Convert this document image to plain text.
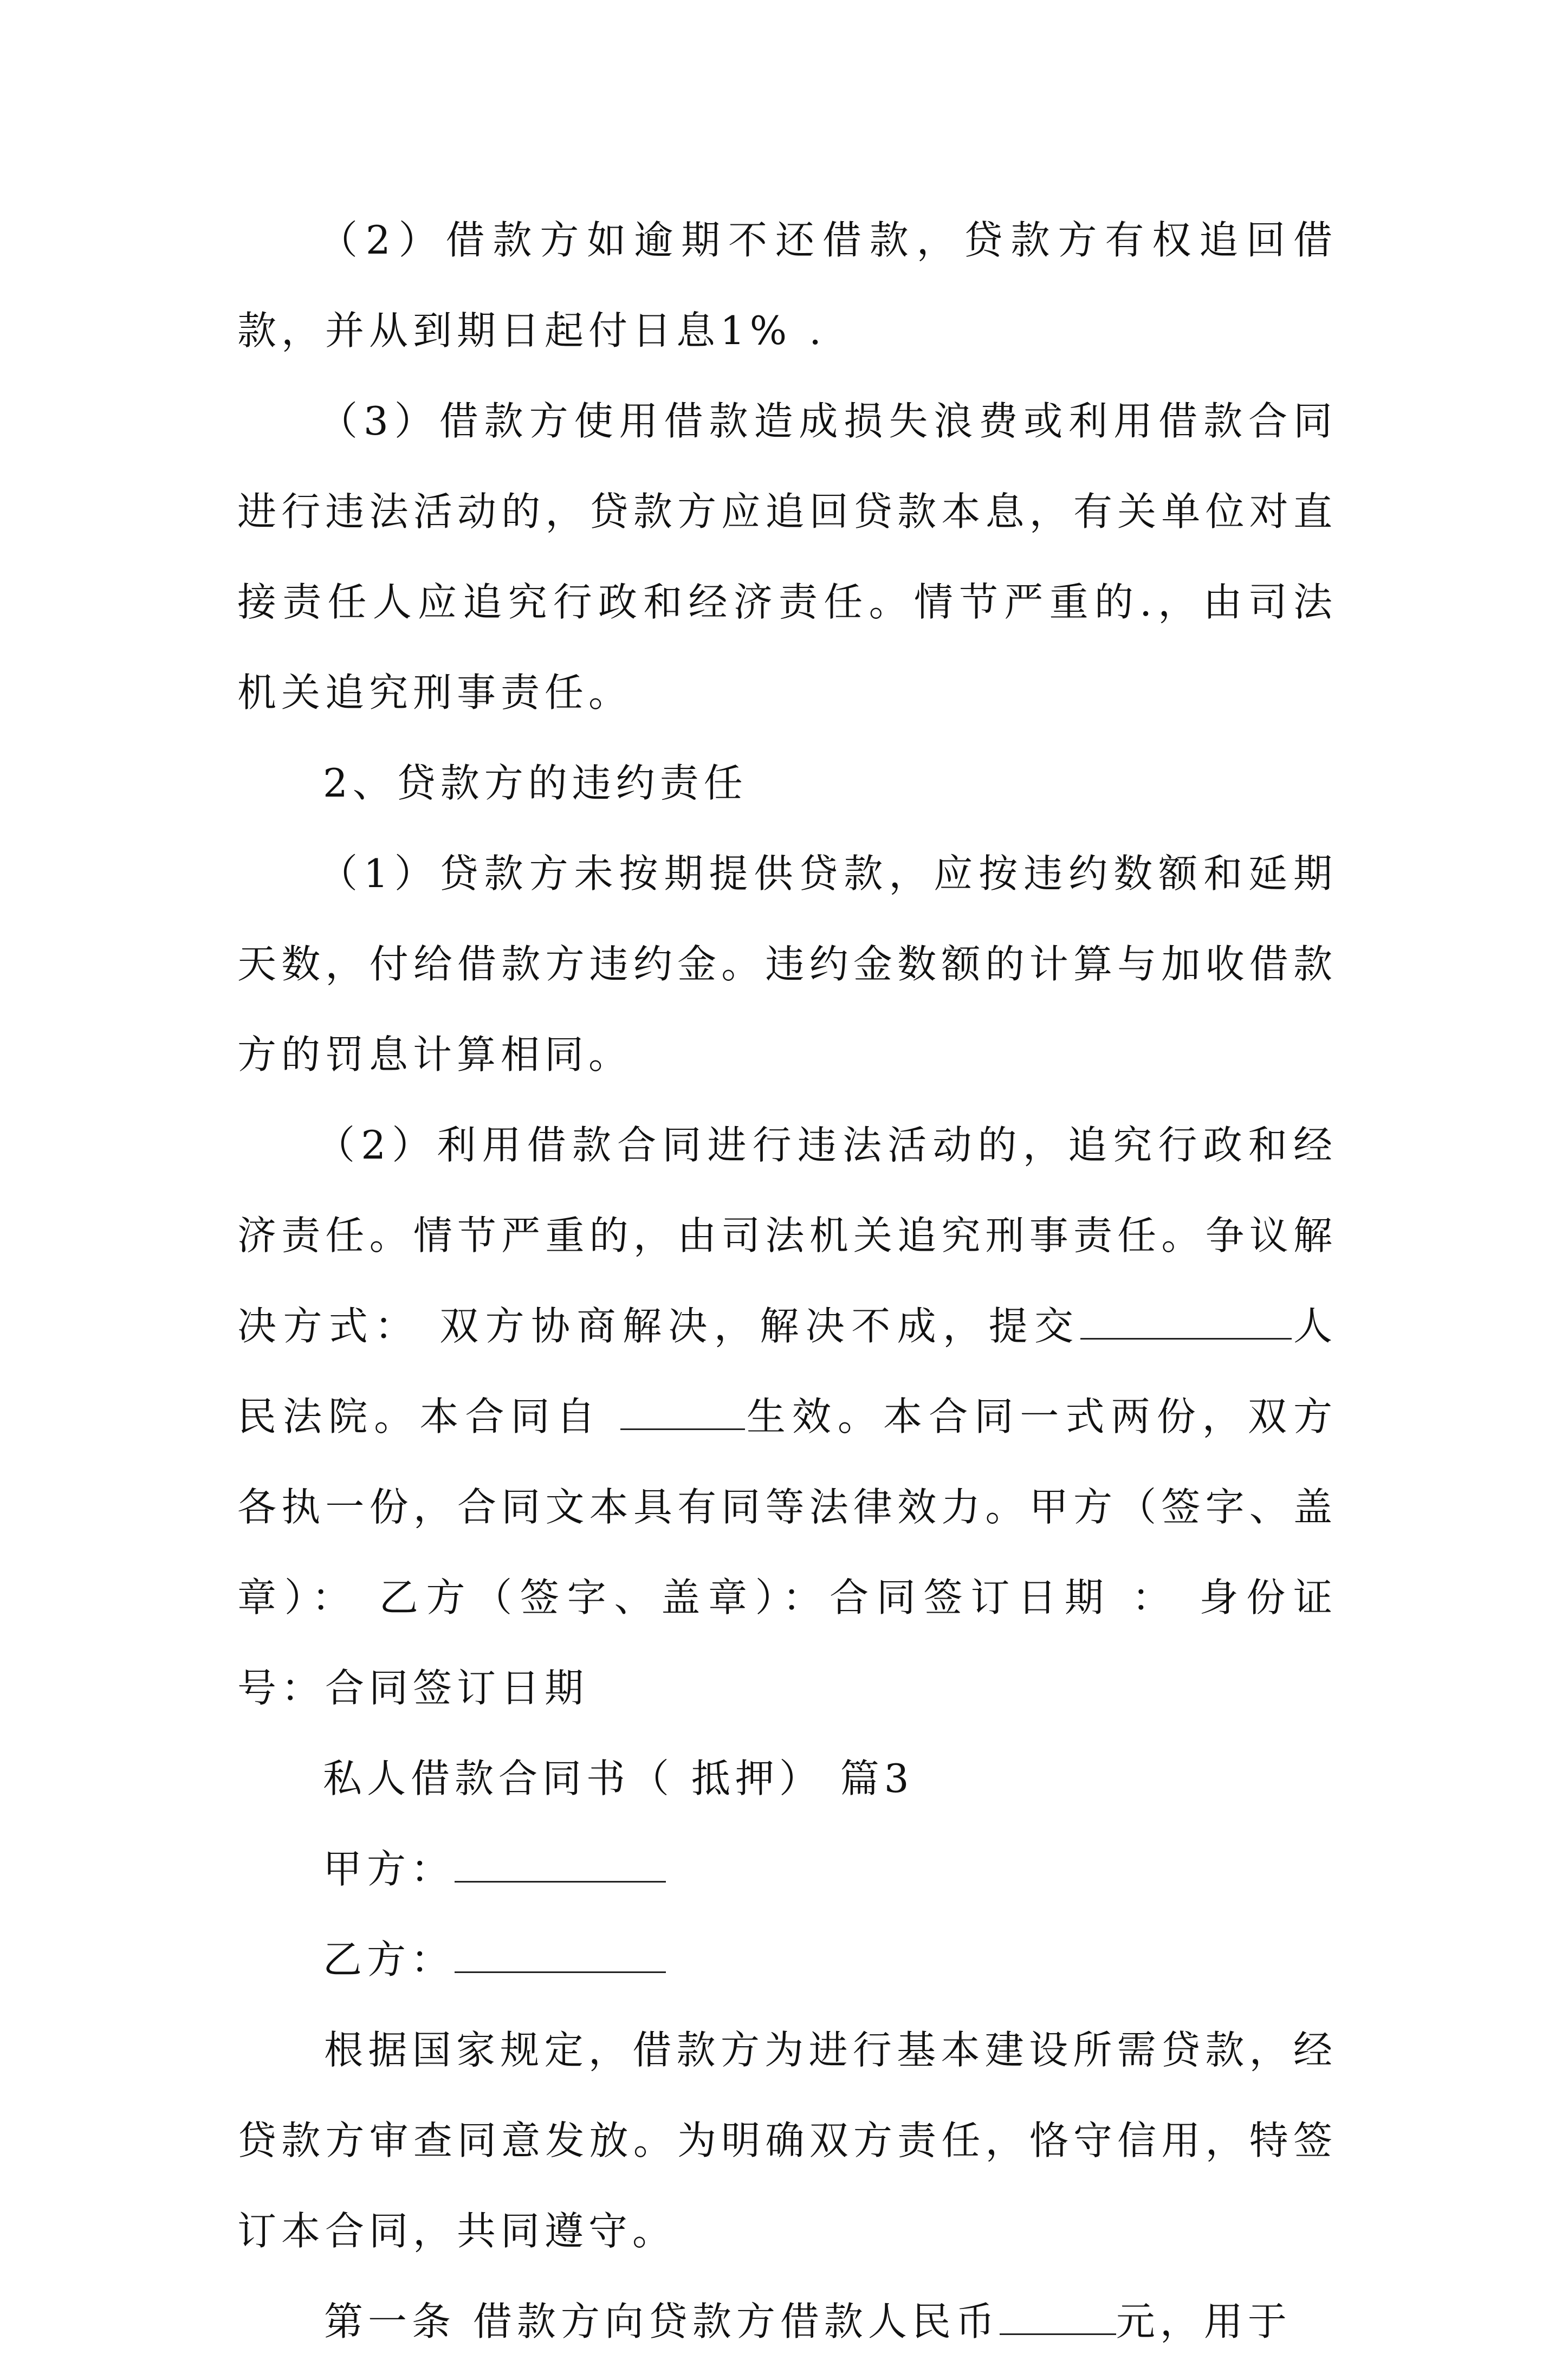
（2）借款方如逾期不还借款，贷款方有权追回借款，并从到期日起付日息1% .

（3）借款方使用借款造成损失浪费或利用借款合同进行违法活动的，贷款方应追回贷款本息，有关单位对直接责任人应追究行政和经济责任。情节严重的.，由司法机关追究刑事责任。

2、贷款方的违约责任

（1）贷款方未按期提供贷款，应按违约数额和延期天数，付给借款方违约金。违约金数额的计算与加收借款方的罚息计算相同。

（2）利用借款合同进行违法活动的，追究行政和经济责任。情节严重的，由司法机关追究刑事责任。争议解决方式： 双方协商解决，解决不成，提交	人民法院。本合同自	生效。本合同一式两份，双方各执一份，合同文本具有同等法律效力。甲方（签字、盖章）： 乙方（签字、盖章）：合同签订日期 ： 身份证号：合同签订日期

私人借款合同书（ 抵押） 篇3

甲方：

乙方：

根据国家规定，借款方为进行基本建设所需贷款，经贷款方审查同意发放。为明确双方责任，恪守信用，特签订本合同，共同遵守。

第一条 借款方向贷款方借款人民币	元，用于
